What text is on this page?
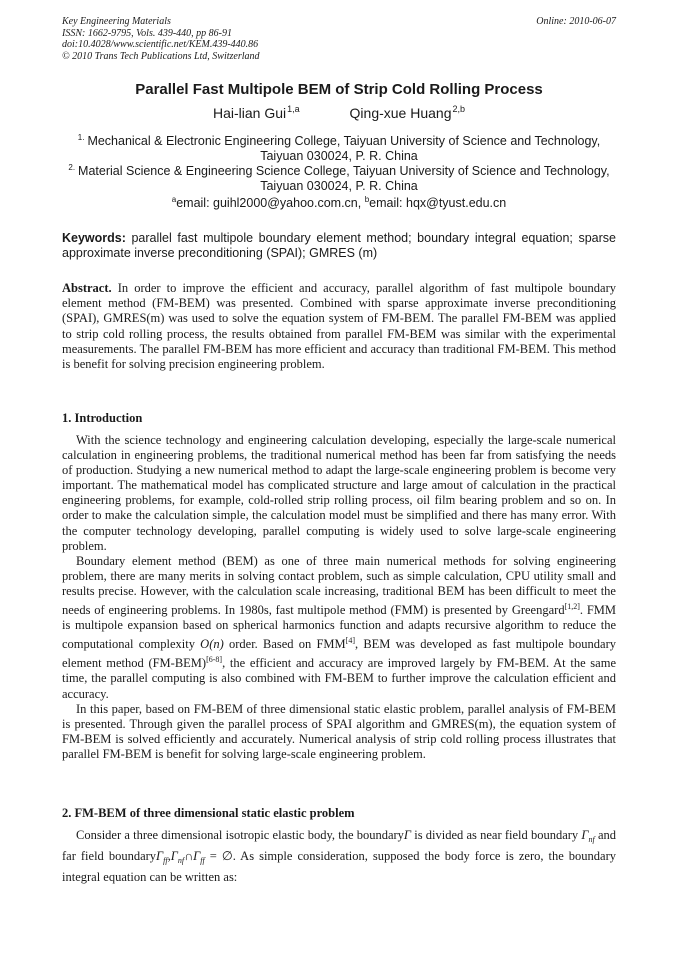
Key Engineering Materials
ISSN: 1662-9795, Vols. 439-440, pp 86-91
doi:10.4028/www.scientific.net/KEM.439-440.86
© 2010 Trans Tech Publications Ltd, Switzerland
Online: 2010-06-07
Parallel Fast Multipole BEM of Strip Cold Rolling Process
Hai-lian Gui$^{1,a}$	Qing-xue Huang$^{2,b}$
$^{1.}$ Mechanical & Electronic Engineering College, Taiyuan University of Science and Technology,
Taiyuan 030024, P. R. China
$^{2.}$ Material Science & Engineering Science College, Taiyuan University of Science and Technology,
Taiyuan 030024, P. R. China
$^a$email: guihl2000@yahoo.com.cn, $^b$email: hqx@tyust.edu.cn
Keywords: parallel fast multipole boundary element method; boundary integral equation; sparse approximate inverse preconditioning (SPAI); GMRES (m)
Abstract. In order to improve the efficient and accuracy, parallel algorithm of fast multipole boundary element method (FM-BEM) was presented. Combined with sparse approximate inverse preconditioning (SPAI), GMRES(m) was used to solve the equation system of FM-BEM. The parallel FM-BEM was applied to strip cold rolling process, the results obtained from parallel FM-BEM was similar with the experimental measurements. The parallel FM-BEM has more efficient and accuracy than traditional FM-BEM. This method is benefit for solving precision engineering problem.
1. Introduction

With the science technology and engineering calculation developing, especially the large-scale numerical calculation in engineering problems, the traditional numerical method has been far from satisfying the needs of production. Studying a new numerical method to adapt the large-scale engineering problem is become very important. The mathematical model has complicated structure and large amout of calculation in the practical engineering problems, for example, cold-rolled strip rolling process, oil film bearing problem and so on. In order to make the calculation simple, the calculation model must be simplified and there has many error. With the computer technology developing, parallel computing is widely used to solve large-scale engineering problem.

Boundary element method (BEM) as one of three main numerical methods for solving engineering problem, there are many merits in solving contact problem, such as simple calculation, CPU utility small and results precise. However, with the calculation scale increasing, traditional BEM has been difficult to meet the needs of engineering problems. In 1980s, fast multipole method (FMM) is presented by Greengard[1,2]. FMM is multipole expansion based on spherical harmonics function and adapts recursive algorithm to reduce the computational complexity O(n) order. Based on FMM[4], BEM was developed as fast multipole boundary element method (FM-BEM)[6-8], the efficient and accuracy are improved largely by FM-BEM. At the same time, the parallel computing is also combined with FM-BEM to further improve the calculation efficient and accuracy.

In this paper, based on FM-BEM of three dimensional static elastic problem, parallel analysis of FM-BEM is presented. Through given the parallel process of SPAI algorithm and GMRES(m), the equation system of FM-BEM is solved efficiently and accurately. Numerical analysis of strip cold rolling process illustrates that parallel FM-BEM is benefit for solving large-scale engineering problem.

2. FM-BEM of three dimensional static elastic problem

Consider a three dimensional isotropic elastic body, the boundaryΓ is divided as near field boundary $\Gamma_{nf}$ and far field $boundary\Gamma_{ff},\Gamma_{nf}\cap\Gamma_{ff}$ = ∅. As simple consideration, supposed the body force is zero, the boundary integral equation can be written as:
